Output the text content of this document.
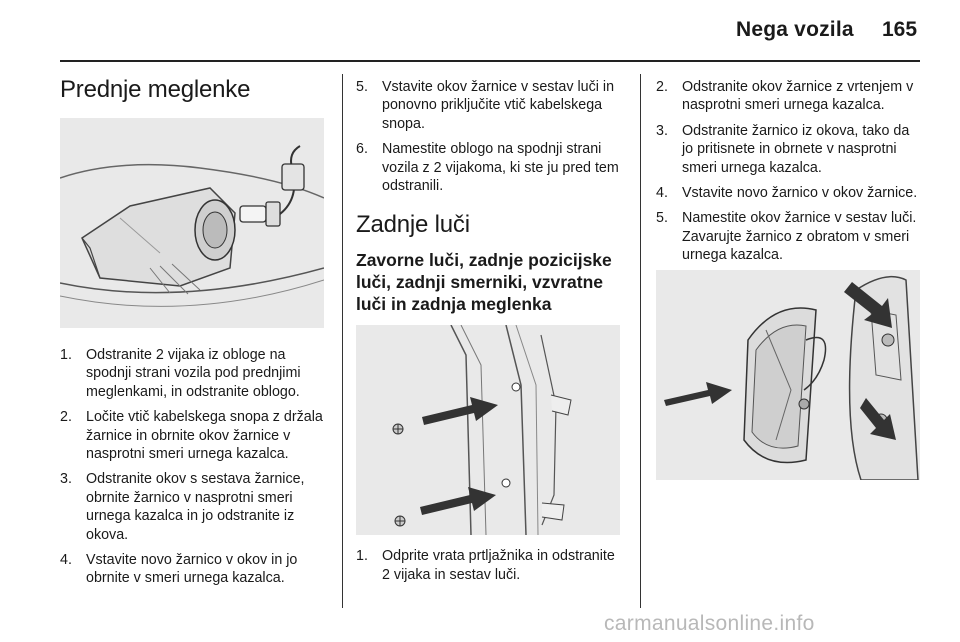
Nega vozila 165
Prednje meglenke
1. Odstranite 2 vijaka iz obloge na spodnji strani vozila pod prednjimi meglenkami, in odstranite oblogo.
2. Ločite vtič kabelskega snopa z držala žarnice in obrnite okov žarnice v nasprotni smeri urnega kazalca.
3. Odstranite okov s sestava žarnice, obrnite žarnico v nasprotni smeri urnega kazalca in jo odstranite iz okova.
4. Vstavite novo žarnico v okov in jo obrnite v smeri urnega kazalca.
5. Vstavite okov žarnice v sestav luči in ponovno priključite vtič kabelskega snopa.
6. Namestite oblogo na spodnji strani vozila z 2 vijakoma, ki ste ju pred tem odstranili.
Zadnje luči
Zavorne luči, zadnje pozicijske luči, zadnji smerniki, vzvratne luči in zadnja meglenka
1. Odprite vrata prtljažnika in odstranite 2 vijaka in sestav luči.
2. Odstranite okov žarnice z vrtenjem v nasprotni smeri urnega kazalca.
3. Odstranite žarnico iz okova, tako da jo pritisnete in obrnete v nasprotni smeri urnega kazalca.
4. Vstavite novo žarnico v okov žarnice.
5. Namestite okov žarnice v sestav luči. Zavarujte žarnico z obratom v smeri urnega kazalca.
carmanualsonline.info
